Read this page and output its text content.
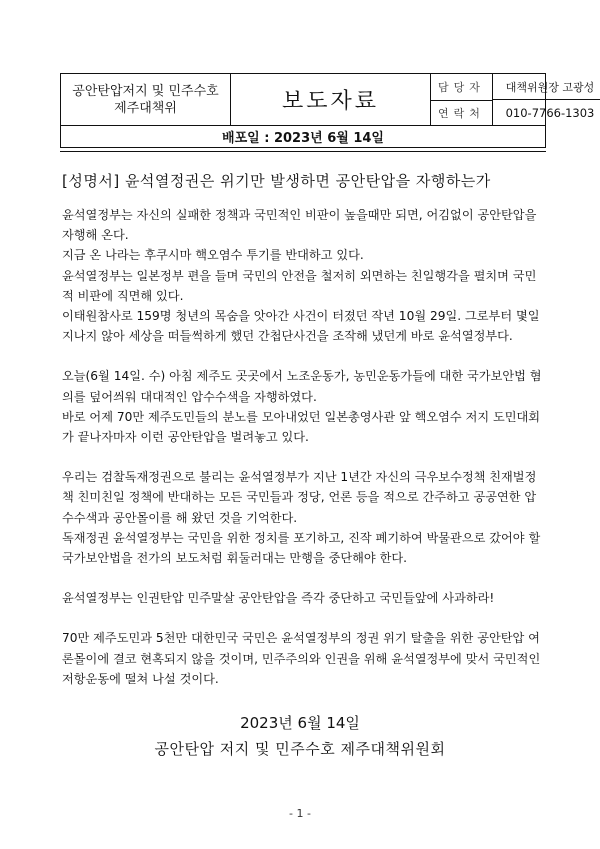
공안탄압저지 및 민주수호
제주대책위	보도자료
담당자
연락처
대책위원장 고광성
010-7766-1303
배포일 : 2023년 6월 14일
[성명서] 윤석열정권은 위기만 발생하면 공안탄압을 자행하는가

윤석열정부는 자신의 실패한 정책과 국민적인 비판이 높을때만 되면, 어김없이 공안탄압을 자행해 온다.

지금 온 나라는 후쿠시마 핵오염수 투기를 반대하고 있다.

윤석열정부는 일본정부 편을 들며 국민의 안전을 철저히 외면하는 친일행각을 펼치며 국민적 비판에 직면해 있다.

이태원참사로 159명 청년의 목숨을 앗아간 사건이 터졌던 작년 10월 29일. 그로부터 몇일 지나지 않아 세상을 떠들썩하게 했던 간첩단사건을 조작해 냈던게 바로 윤석열정부다.

오늘(6월 14일. 수) 아침 제주도 곳곳에서 노조운동가, 농민운동가들에 대한 국가보안법 혐의를 덮어씌워 대대적인 압수수색을 자행하였다.

바로 어제 70만 제주도민들의 분노를 모아내었던 일본총영사관 앞 핵오염수 저지 도민대회가 끝나자마자 이런 공안탄압을 벌려놓고 있다.

우리는 검찰독재정권으로 불리는 윤석열정부가 지난 1년간 자신의 극우보수정책 친재벌정책 친미친일 정책에 반대하는 모든 국민들과 정당, 언론 등을 적으로 간주하고 공공연한 압수수색과 공안몰이를 해 왔던 것을 기억한다.

독재정권 윤석열정부는 국민을 위한 정치를 포기하고, 진작 폐기하여 박물관으로 갔어야 할 국가보안법을 전가의 보도처럼 휘둘러대는 만행을 중단해야 한다.

윤석열정부는 인권탄압 민주말살 공안탄압을 즉각 중단하고 국민들앞에 사과하라!

70만 제주도민과 5천만 대한민국 국민은 윤석열정부의 정권 위기 탈출을 위한 공안탄압 여론몰이에 결코 현혹되지 않을 것이며, 민주주의와 인권을 위해 윤석열정부에 맞서 국민적인 저항운동에 떨쳐 나설 것이다.

2023년 6월 14일
공안탄압 저지 및 민주수호 제주대책위원회
- 1 -
